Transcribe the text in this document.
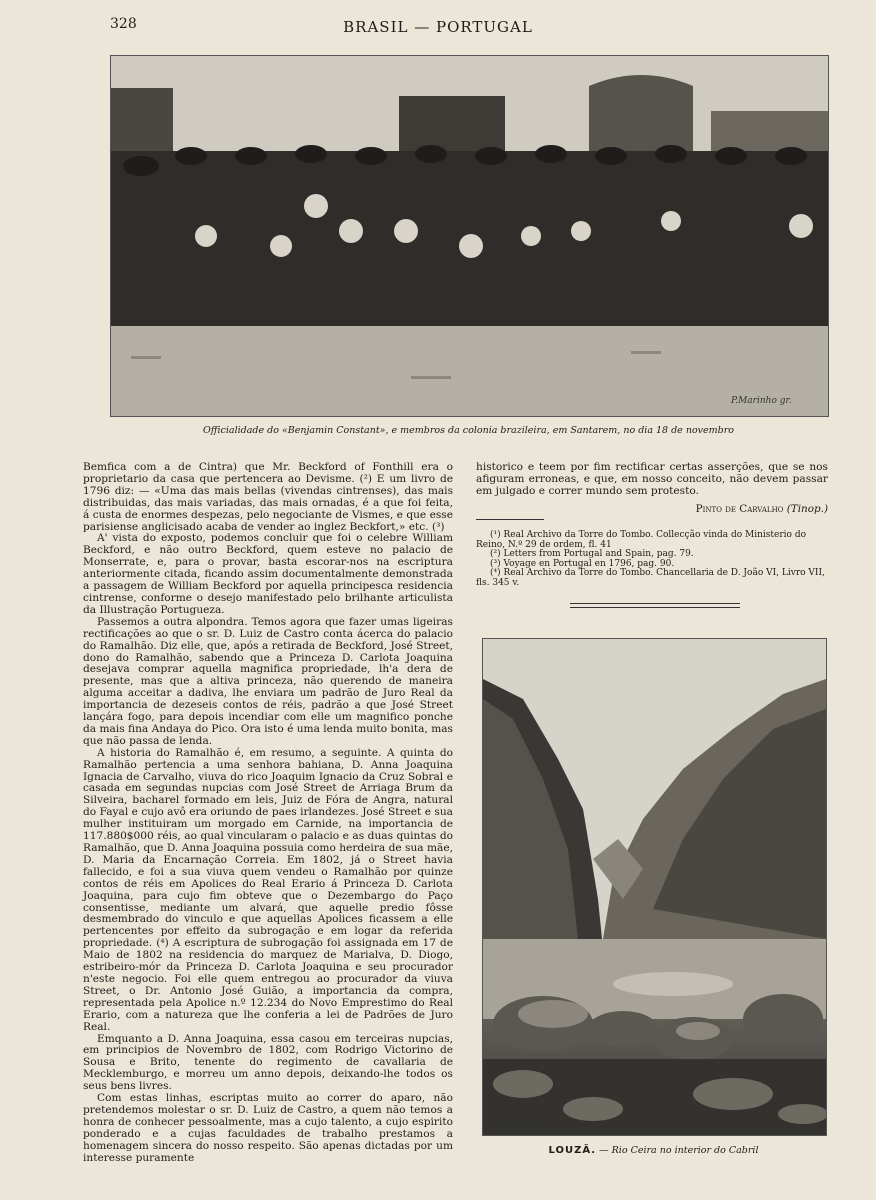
328	BRASIL — PORTUGAL
P.Marinho gr.
Officialidade do «Benjamin Constant», e membros da colonia brazileira, em Santarem, no dia 18 de novembro

Bemfica com a de Cintra) que Mr. Beckford of Fonthill era o proprietario da casa que pertencera ao Devisme. (²) E um livro de 1796 diz: — «Uma das mais bellas (vivendas cintrenses), das mais distribuidas, das mais variadas, das mais ornadas, é a que foi feita, á custa de enormes despezas, pelo negociante de Vismes, e que esse parisiense anglicisado acaba de vender ao inglez Beckfort,» etc. (³)

A' vista do exposto, podemos concluir que foi o celebre William Beckford, e não outro Beckford, quem esteve no palacio de Monserrate, e, para o provar, basta escorar-nos na escriptura anteriormente citada, ficando assim documentalmente demonstrada a passagem de William Beckford por aquella principesca residencia cintrense, conforme o desejo manifestado pelo brilhante articulista da Illustração Portugueza.

Passemos a outra alpondra. Temos agora que fazer umas ligeiras rectificações ao que o sr. D. Luiz de Castro conta ácerca do palacio do Ramalhão. Diz elle, que, após a retirada de Beckford, José Street, dono do Ramalhão, sabendo que a Princeza D. Carlota Joaquina desejava comprar aquella magnifica propriedade, lh'a dera de presente, mas que a altiva princeza, não querendo de maneira alguma acceitar a dadiva, lhe enviara um padrão de Juro Real da importancia de dezeseis contos de réis, padrão a que José Street lançára fogo, para depois incendiar com elle um magnifico ponche da mais fina Andaya do Pico. Ora isto é uma lenda muito bonita, mas que não passa de lenda.

A historia do Ramalhão é, em resumo, a seguinte. A quinta do Ramalhão pertencia a uma senhora bahiana, D. Anna Joaquina Ignacia de Carvalho, viuva do rico Joaquim Ignacio da Cruz Sobral e casada em segundas nupcias com José Street de Arriaga Brum da Silveira, bacharel formado em leis, Juiz de Fóra de Angra, natural do Fayal e cujo avô era oriundo de paes irlandezes. José Street e sua mulher instituiram um morgado em Carnide, na importancia de 117.880$000 réis, ao qual vincularam o palacio e as duas quintas do Ramalhão, que D. Anna Joaquina possuia como herdeira de sua mãe, D. Maria da Encarnação Correia. Em 1802, já o Street havia fallecido, e foi a sua viuva quem vendeu o Ramalhão por quinze contos de réis em Apolices do Real Erario á Princeza D. Carlota Joaquina, para cujo fim obteve que o Dezembargo do Paço consentisse, mediante um alvará, que aquelle predio fôsse desmembrado do vinculo e que aquellas Apolices ficassem a elle pertencentes por effeito da subrogação e em logar da referida propriedade. (⁴) A escriptura de subrogação foi assignada em 17 de Maio de 1802 na residencia do marquez de Marialva, D. Diogo, estribeiro-mór da Princeza D. Carlota Joaquina e seu procurador n'este negocio. Foi elle quem entregou ao procurador da viuva Street, o Dr. Antonio José Guião, a importancia da compra, representada pela Apolice n.º 12.234 do Novo Emprestimo do Real Erario, com a natureza que lhe conferia a lei de Padrões de Juro Real.

Emquanto a D. Anna Joaquina, essa casou em terceiras nupcias, em principios de Novembro de 1802, com Rodrigo Victorino de Sousa e Brito, tenente do regimento de cavallaria de Mecklemburgo, e morreu um anno depois, deixando-lhe todos os seus bens livres.

Com estas linhas, escriptas muito ao correr do aparo, não pretendemos molestar o sr. D. Luiz de Castro, a quem não temos a honra de conhecer pessoalmente, mas a cujo talento, a cujo espirito ponderado e a cujas faculdades de trabalho prestamos a homenagem sincera do nosso respeito. São apenas dictadas por um interesse puramente

historico e teem por fim rectificar certas asserções, que se nos afiguram erroneas, e que, em nosso conceito, não devem passar em julgado e correr mundo sem protesto.

Pinto de Carvalho (Tinop.)

(¹) Real Archivo da Torre do Tombo. Collecção vinda do Ministerio do Reino, N.º 29 de ordem, fl. 41

(²) Letters from Portugal and Spain, pag. 79.

(³) Voyage en Portugal en 1796, pag. 90.

(⁴) Real Archivo da Torre do Tombo. Chancellaria de D. João VI, Livro VII, fls. 345 v.

P.Marinho gr.
LOUZÃ. — Rio Ceira no interior do Cabril
